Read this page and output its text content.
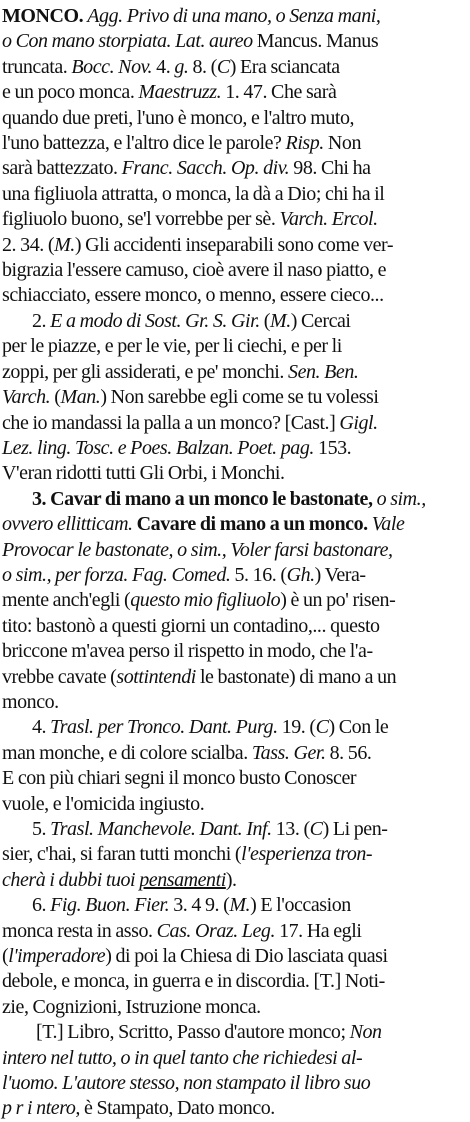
MONCO. Agg. Privo di una mano, o Senza mani,
o Con mano storpiata. Lat. aureo Mancus. Manus
truncata. Bocc. Nov. 4. g. 8. (C) Era sciancata
e un poco monca. Maestruzz. 1. 47. Che sarà
quando due preti, l'uno è monco, e l'altro muto,
l'uno battezza, e l'altro dice le parole? Risp. Non
sarà battezzato. Franc. Sacch. Op. div. 98. Chi ha
una figliuola attratta, o monca, la dà a Dio; chi ha il
figliuolo buono, se'l vorrebbe per sè. Varch. Ercol.
2. 34. (M.) Gli accidenti inseparabili sono come ver-
bigrazia l'essere camuso, cioè avere il naso piatto, e
schiacciato, essere monco, o menno, essere cieco...
2. E a modo di Sost. Gr. S. Gir. (M.) Cercai
per le piazze, e per le vie, per li ciechi, e per li
zoppi, per gli assiderati, e pe' monchi. Sen. Ben.
Varch. (Man.) Non sarebbe egli come se tu volessi
che io mandassi la palla a un monco? [Cast.] Gigl.
Lez. ling. Tosc. e Poes. Balzan. Poet. pag. 153.
V'eran ridotti tutti Gli Orbi, i Monchi.
3. Cavar di mano a un monco le bastonate, o sim.,
ovvero ellitticam. Cavare di mano a un monco. Vale
Provocar le bastonate, o sim., Voler farsi bastonare,
o sim., per forza. Fag. Comed. 5. 16. (Gh.) Vera-
mente anch'egli (questo mio figliuolo) è un po' risen-
tito: bastonò a questi giorni un contadino,... questo
briccone m'avea perso il rispetto in modo, che l'a-
vrebbe cavate (sottintendi le bastonate) di mano a un
monco.
4. Trasl. per Tronco. Dant. Purg. 19. (C) Con le
man monche, e di colore scialba. Tass. Ger. 8. 56.
E con più chiari segni il monco busto Conoscer
vuole, e l'omicida ingiusto.
5. Trasl. Manchevole. Dant. Inf. 13. (C) Li pen-
sier, c'hai, si faran tutti monchi (l'esperienza tron-
cherà i dubbi tuoi pensamenti).
6. Fig. Buon. Fier. 3. 4 9. (M.) E l'occasion
monca resta in asso. Cas. Oraz. Leg. 17. Ha egli
(l'imperadore) di poi la Chiesa di Dio lasciata quasi
debole, e monca, in guerra e in discordia. [T.] Noti-
zie, Cognizioni, Istruzione monca.
[T.] Libro, Scritto, Passo d'autore monco; Non
intero nel tutto, o in quel tanto che richiedesi al-
l'uomo. L'autore stesso, non stampato il libro suo
p r i ntero, è Stampato, Dato monco.
